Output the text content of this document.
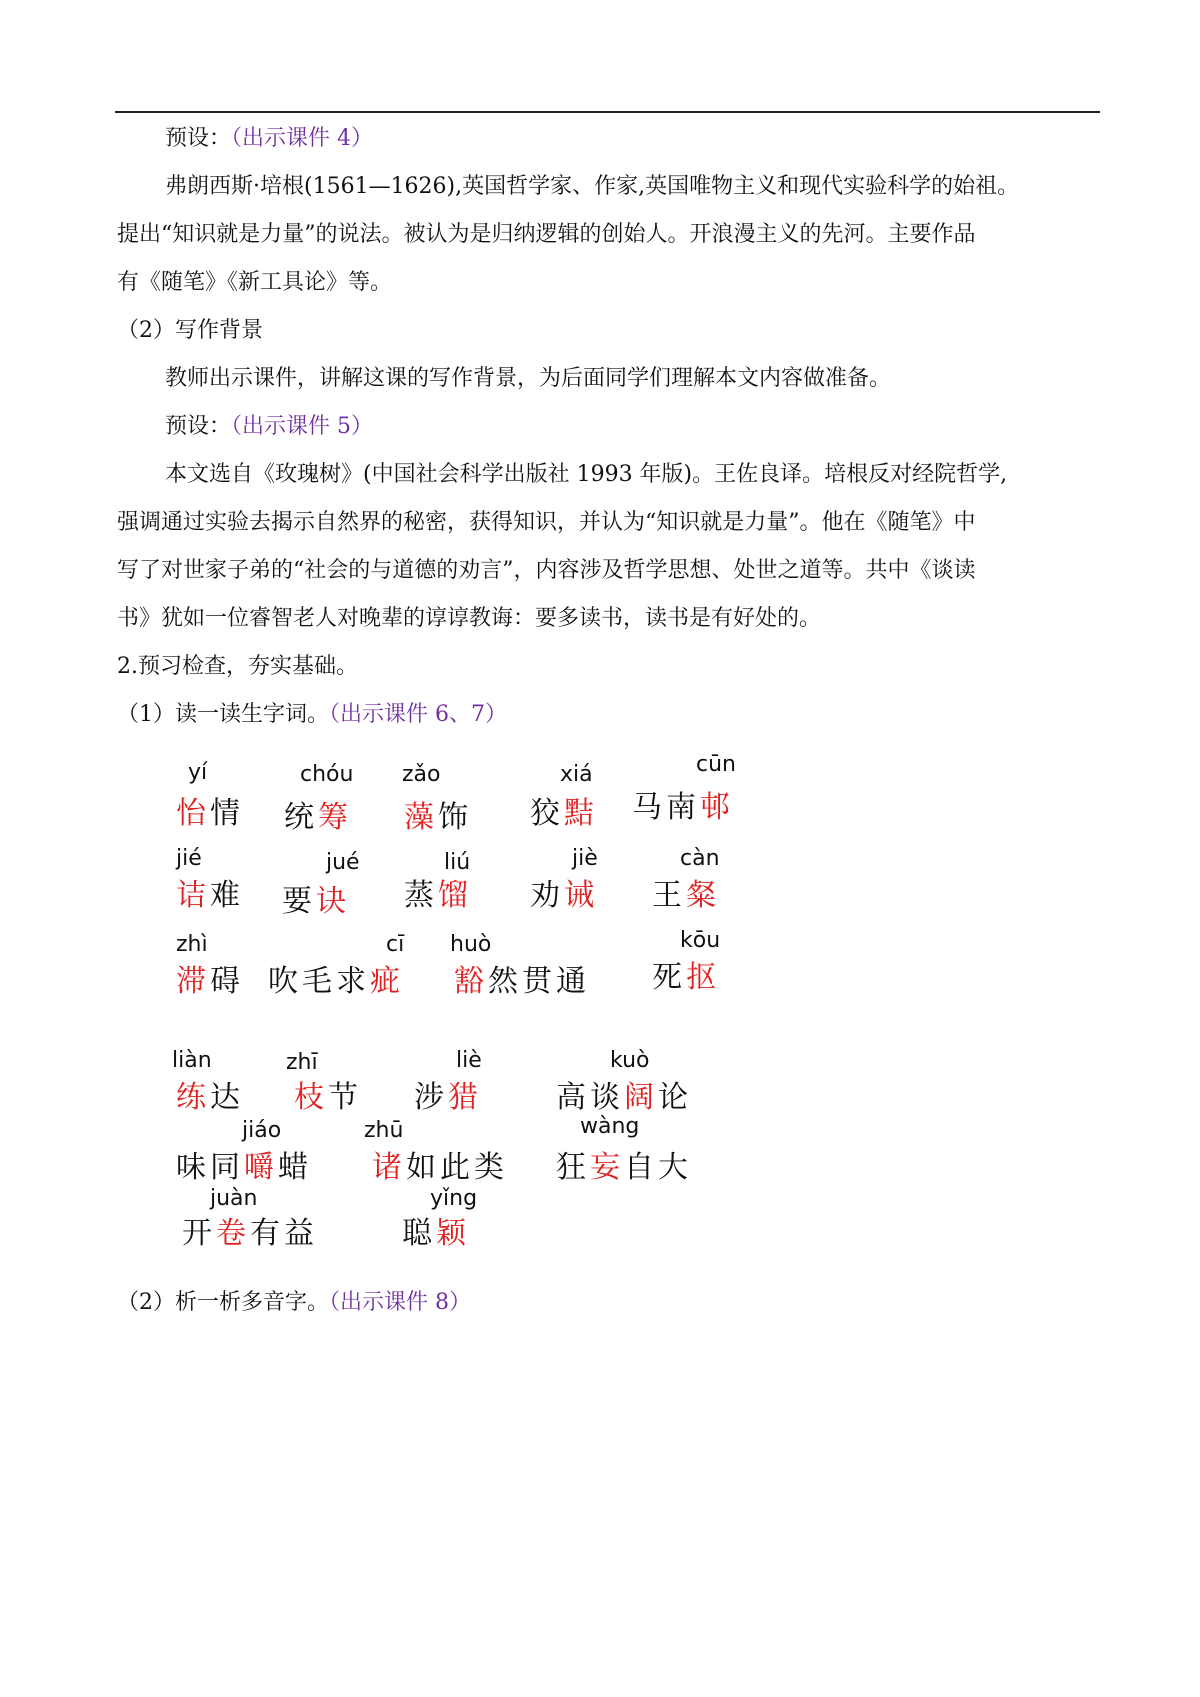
预设：（出示课件 4）
弗朗西斯·培根(1561—1626),英国哲学家、作家,英国唯物主义和现代实验科学的始祖。
提出“知识就是力量”的说法。被认为是归纳逻辑的创始人。开浪漫主义的先河。主要作品
有《随笔》《新工具论》等。
（2）写作背景
教师出示课件，讲解这课的写作背景，为后面同学们理解本文内容做准备。
预设：（出示课件 5）
本文选自《玫瑰树》(中国社会科学出版社 1993 年版)。王佐良译。培根反对经院哲学,
强调通过实验去揭示自然界的秘密，获得知识，并认为“知识就是力量”。他在《随笔》中
写了对世家子弟的“社会的与道德的劝言”，内容涉及哲学思想、处世之道等。共中《谈读
书》犹如一位睿智老人对晚辈的谆谆教诲：要多读书，读书是有好处的。
2.预习检查，夯实基础。
（1）读一读生字词。（出示课件 6、7）
yí
怡情
chóu
统筹
zǎo
藻饰
xiá
狡黠
cūn
马南邨
jié
诘难
jué
要诀
liú
蒸馏
jiè
劝诫
càn
王粲
zhì
滞碍
cī
吹毛求疵
huò
豁然贯通
kōu
死抠
liàn
练达
zhī
枝节
liè
涉猎
kuò
高谈阔论
jiáo
味同嚼蜡
zhū
诸如此类
wàng
狂妄自大
juàn
开卷有益
yǐng
聪颖
（2）析一析多音字。（出示课件 8）
